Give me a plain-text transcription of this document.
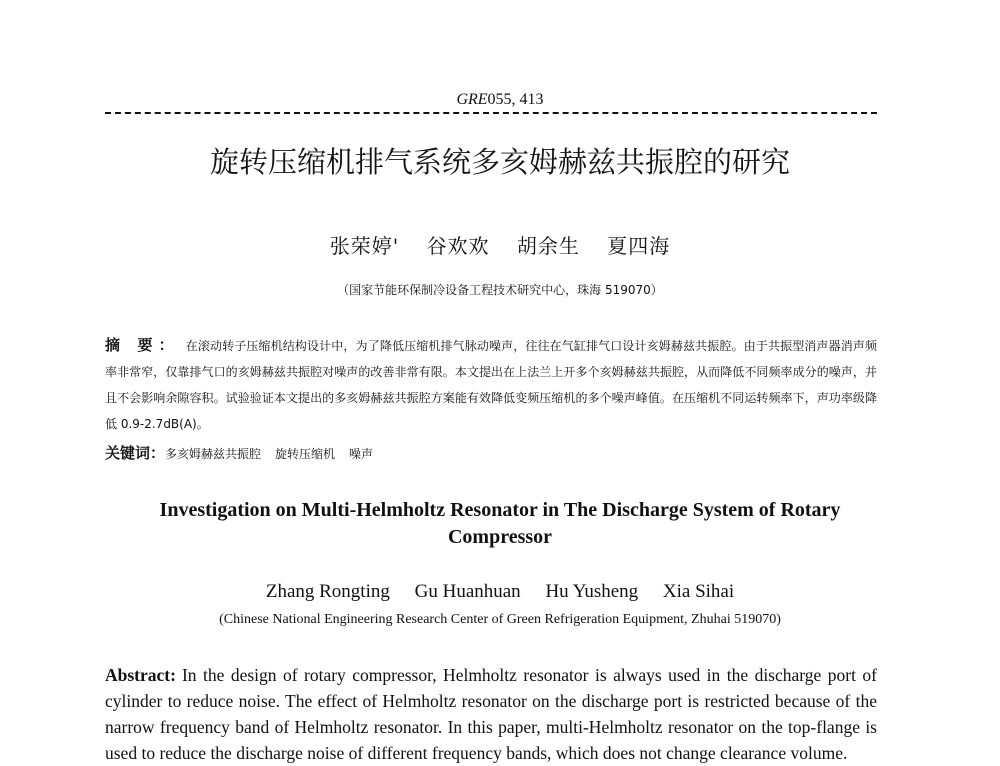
GRE055, 413
旋转压缩机排气系统多亥姆赫兹共振腔的研究
张荣婷' 谷欢欢 胡余生 夏四海
（国家节能环保制冷设备工程技术研究中心，珠海 519070）
摘 要： 在滚动转子压缩机结构设计中，为了降低压缩机排气脉动噪声，往往在气缸排气口设计亥姆赫兹共振腔。由于共振型消声器消声频率非常窄，仅靠排气口的亥姆赫兹共振腔对噪声的改善非常有限。本文提出在上法兰上开多个亥姆赫兹共振腔，从而降低不同频率成分的噪声，并且不会影响余隙容积。试验验证本文提出的多亥姆赫兹共振腔方案能有效降低变频压缩机的多个噪声峰值。在压缩机不同运转频率下，声功率级降低 0.9-2.7dB(A)。
关键词：多亥姆赫兹共振腔 旋转压缩机 噪声
Investigation on Multi-Helmholtz Resonator in The Discharge System of Rotary Compressor
Zhang Rongting Gu Huanhuan Hu Yusheng Xia Sihai
(Chinese National Engineering Research Center of Green Refrigeration Equipment, Zhuhai 519070)
Abstract: In the design of rotary compressor, Helmholtz resonator is always used in the discharge port of cylinder to reduce noise. The effect of Helmholtz resonator on the discharge port is restricted because of the narrow frequency band of Helmholtz resonator. In this paper, multi-Helmholtz resonator on the top-flange is used to reduce the discharge noise of different frequency bands, which does not change clearance volume.
